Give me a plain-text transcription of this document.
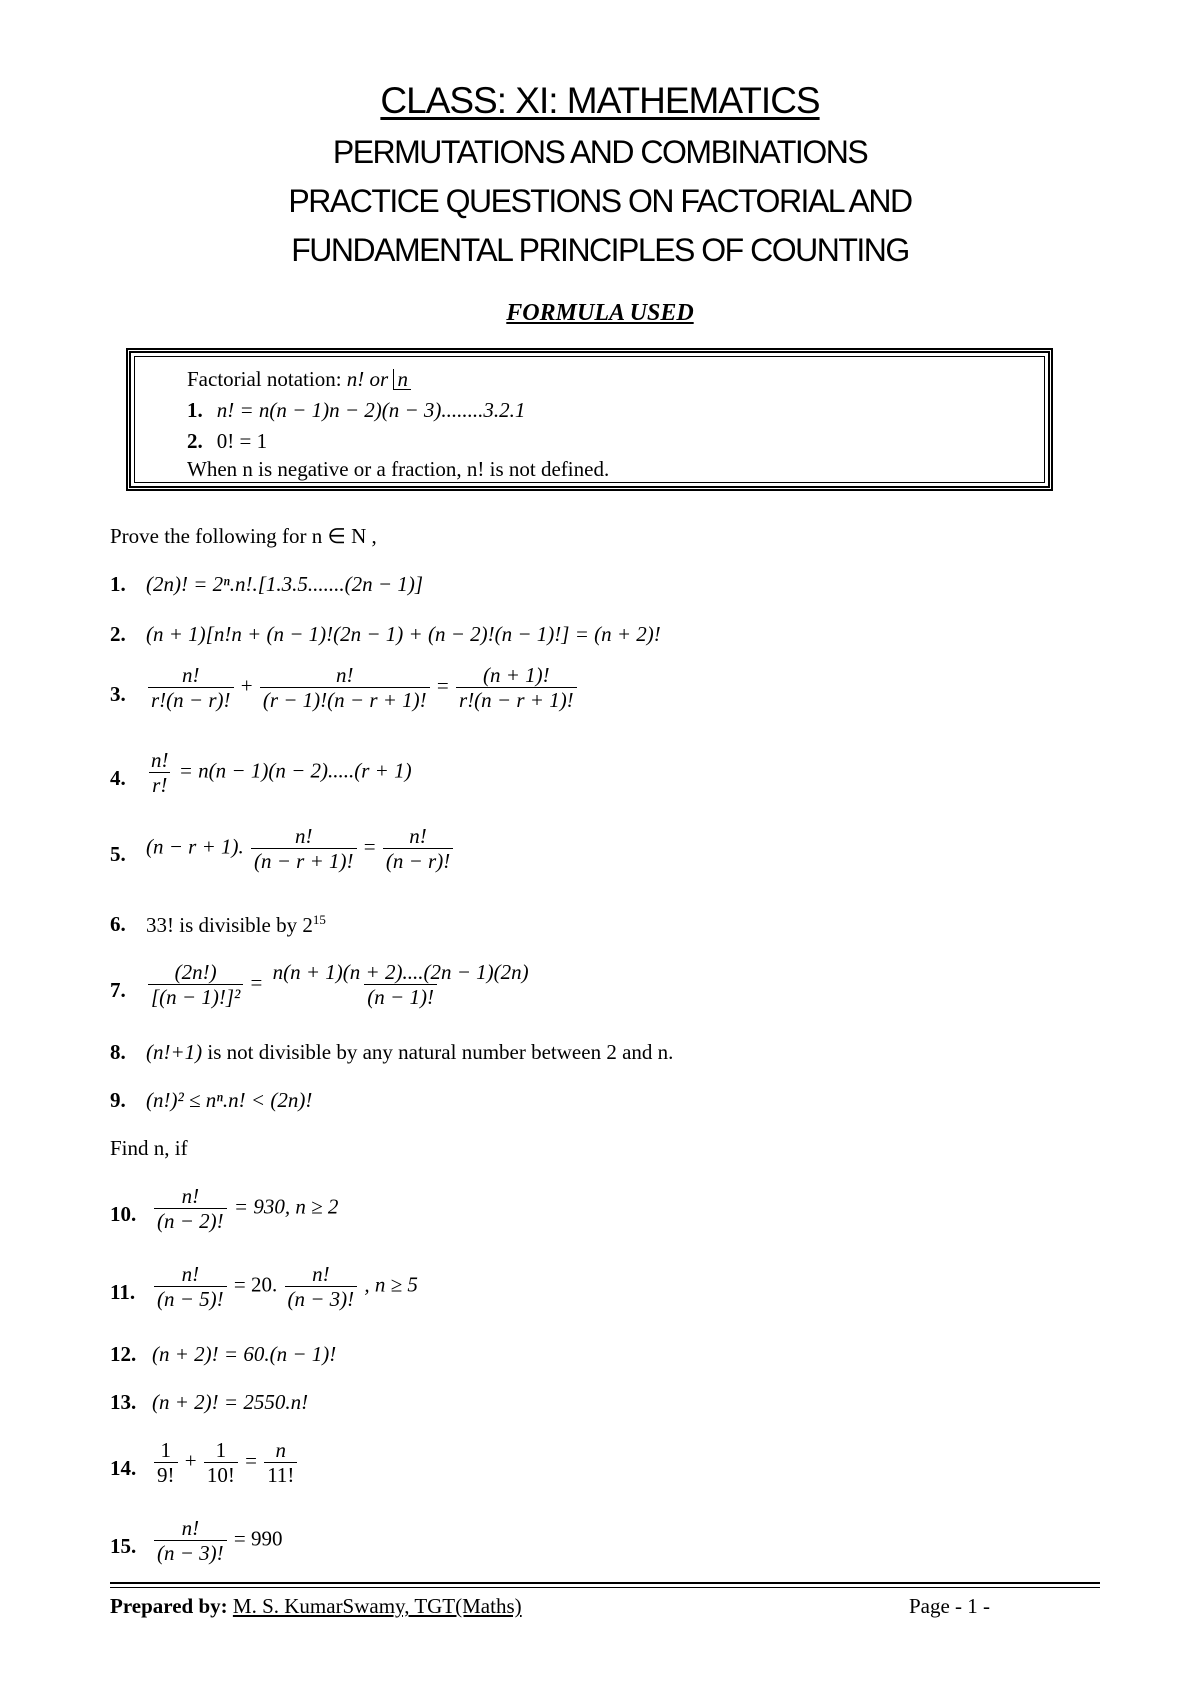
CLASS: XI: MATHEMATICS
PERMUTATIONS AND COMBINATIONS
PRACTICE QUESTIONS ON FACTORIAL AND
FUNDAMENTAL PRINCIPLES OF COUNTING
FORMULA USED
Factorial notation: n! or n
1. n! = n(n − 1)n − 2)(n − 3)........3.2.1
2. 0! = 1
When n is negative or a fraction, n! is not defined.
Prove the following for n ∈ N ,
1. (2n)! = 2ⁿ.n!.[1.3.5.......(2n − 1)]
2. (n + 1)[n!n + (n − 1)!(2n − 1) + (n − 2)!(n − 1)!] = (n + 2)!
3. $\frac{n!}{r!(n - r)!} + \frac{n!}{(r - 1)!(n - r + 1)!} = \frac{(n + 1)!}{r!(n - r + 1)!}$
4. $\frac{n!}{r!} = n(n - 1)(n - 2).....(r + 1)$
5. (n − r + 1). $\frac{n!}{(n - r + 1)!} = \frac{n!}{(n - r)!}$
6. 33! is divisible by $2^{15}$
7. $\frac{(2n!)}{\text{[(n − 1)!]²}} = \frac{n(n + 1)(n + 2)....(2n - 1)(2n)}{(n - 1)!}$
8. (n!+1) is not divisible by any natural number between 2 and n.
9. (n!)² ≤ nⁿ.n! < (2n)!
Find n, if
10. $\frac{n!}{(n - 2)!} = 930$, n ≥ 2
11. $\frac{n!}{(n - 5)!} = 20$. $\frac{n!}{(n - 3)!}$ , n ≥ 5
12. (n + 2)! = 60.(n − 1)!
13. (n + 2)! = 2550.n!
14. $\frac{1}{9!} + \frac{1}{10!} = \frac{n}{11!}$
15. $\frac{n!}{(n - 3)!} = 990$
Prepared by: M. S. KumarSwamy, TGT(Maths)	Page - 1 -
